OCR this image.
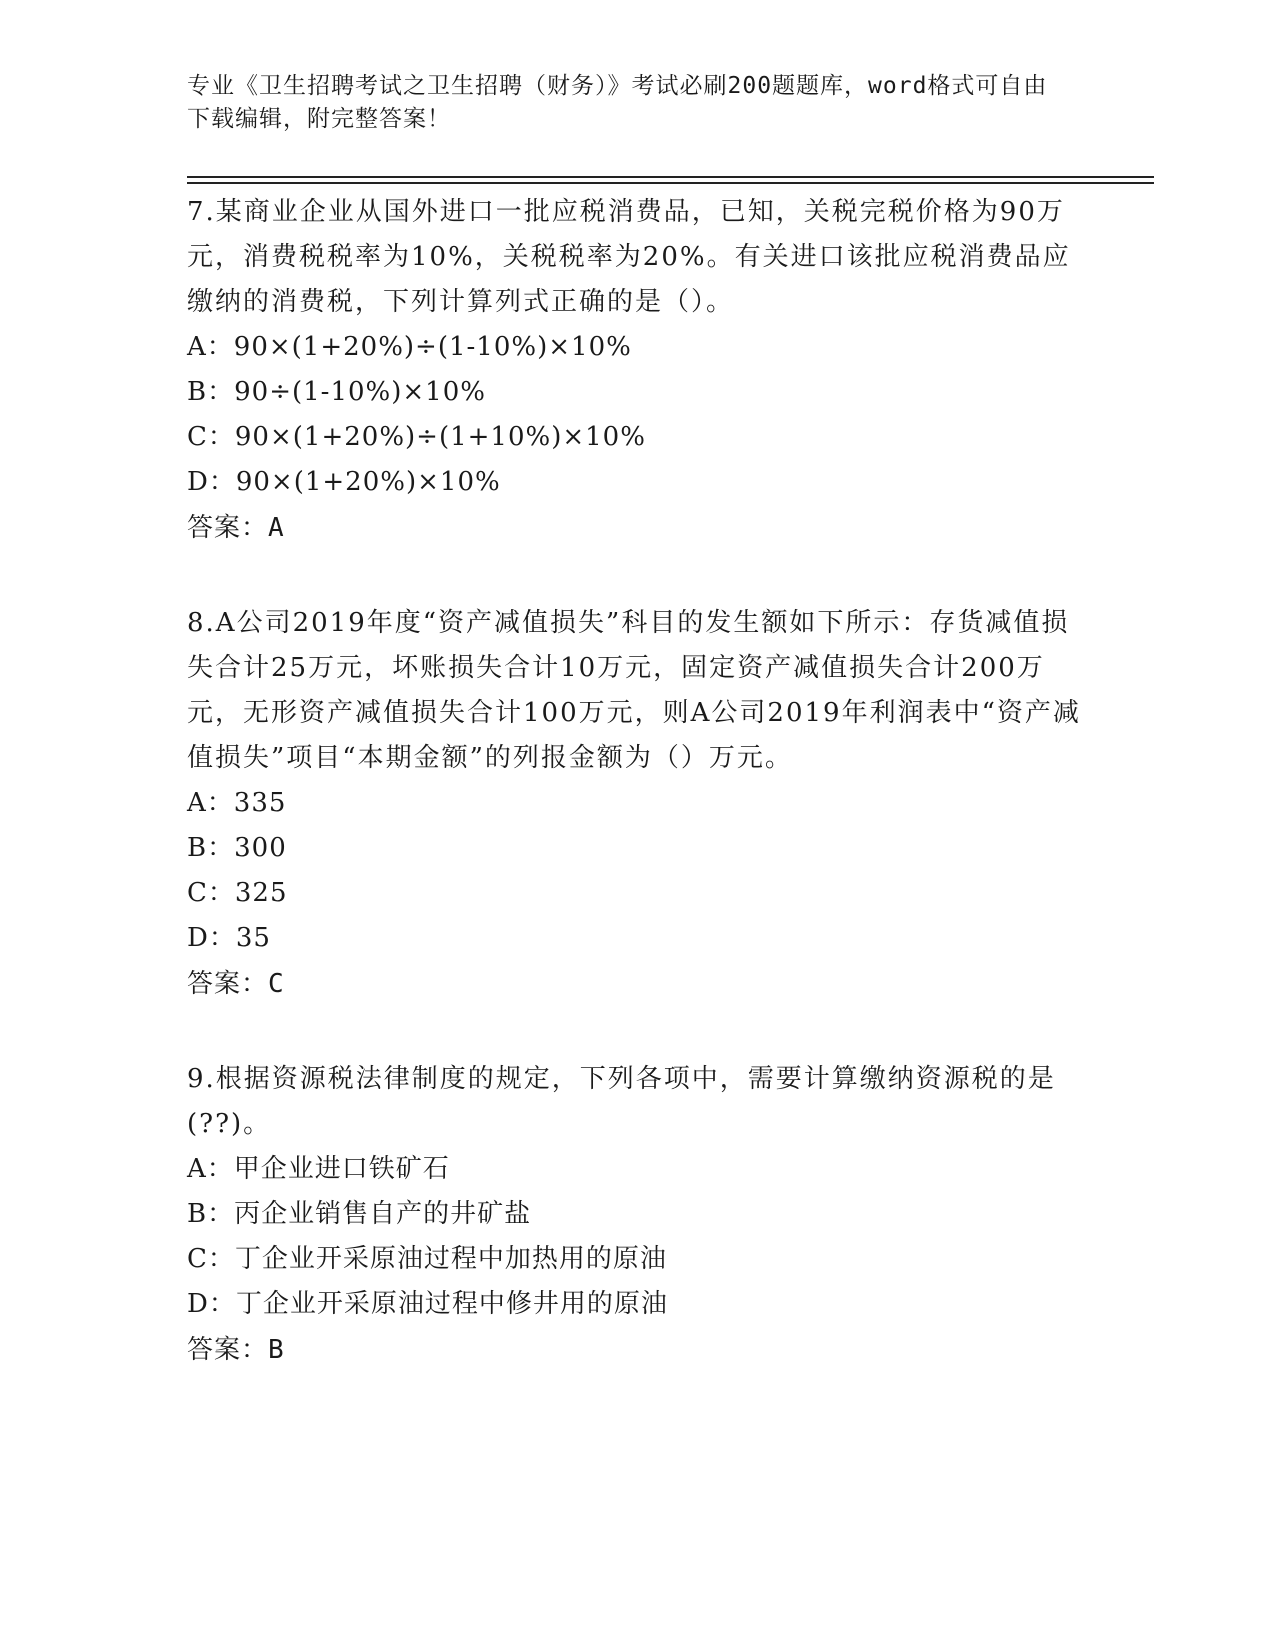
专业《卫生招聘考试之卫生招聘（财务）》考试必刷200题题库，word格式可自由下载编辑，附完整答案！

7.某商业企业从国外进口一批应税消费品，已知，关税完税价格为90万元，消费税税率为10%，关税税率为20%。有关进口该批应税消费品应缴纳的消费税，下列计算列式正确的是（）。

A：90×(1+20%)÷(1-10%)×10%
B：90÷(1-10%)×10%
C：90×(1+20%)÷(1+10%)×10%
D：90×(1+20%)×10%

答案：A

8.A公司2019年度“资产减值损失”科目的发生额如下所示：存货减值损失合计25万元，坏账损失合计10万元，固定资产减值损失合计200万元，无形资产减值损失合计100万元，则A公司2019年利润表中“资产减值损失”项目“本期金额”的列报金额为（）万元。

A：335
B：300
C：325
D：35

答案：C

9.根据资源税法律制度的规定，下列各项中，需要计算缴纳资源税的是(??)。

A：甲企业进口铁矿石
B：丙企业销售自产的井矿盐
C：丁企业开采原油过程中加热用的原油
D：丁企业开采原油过程中修井用的原油

答案：B
